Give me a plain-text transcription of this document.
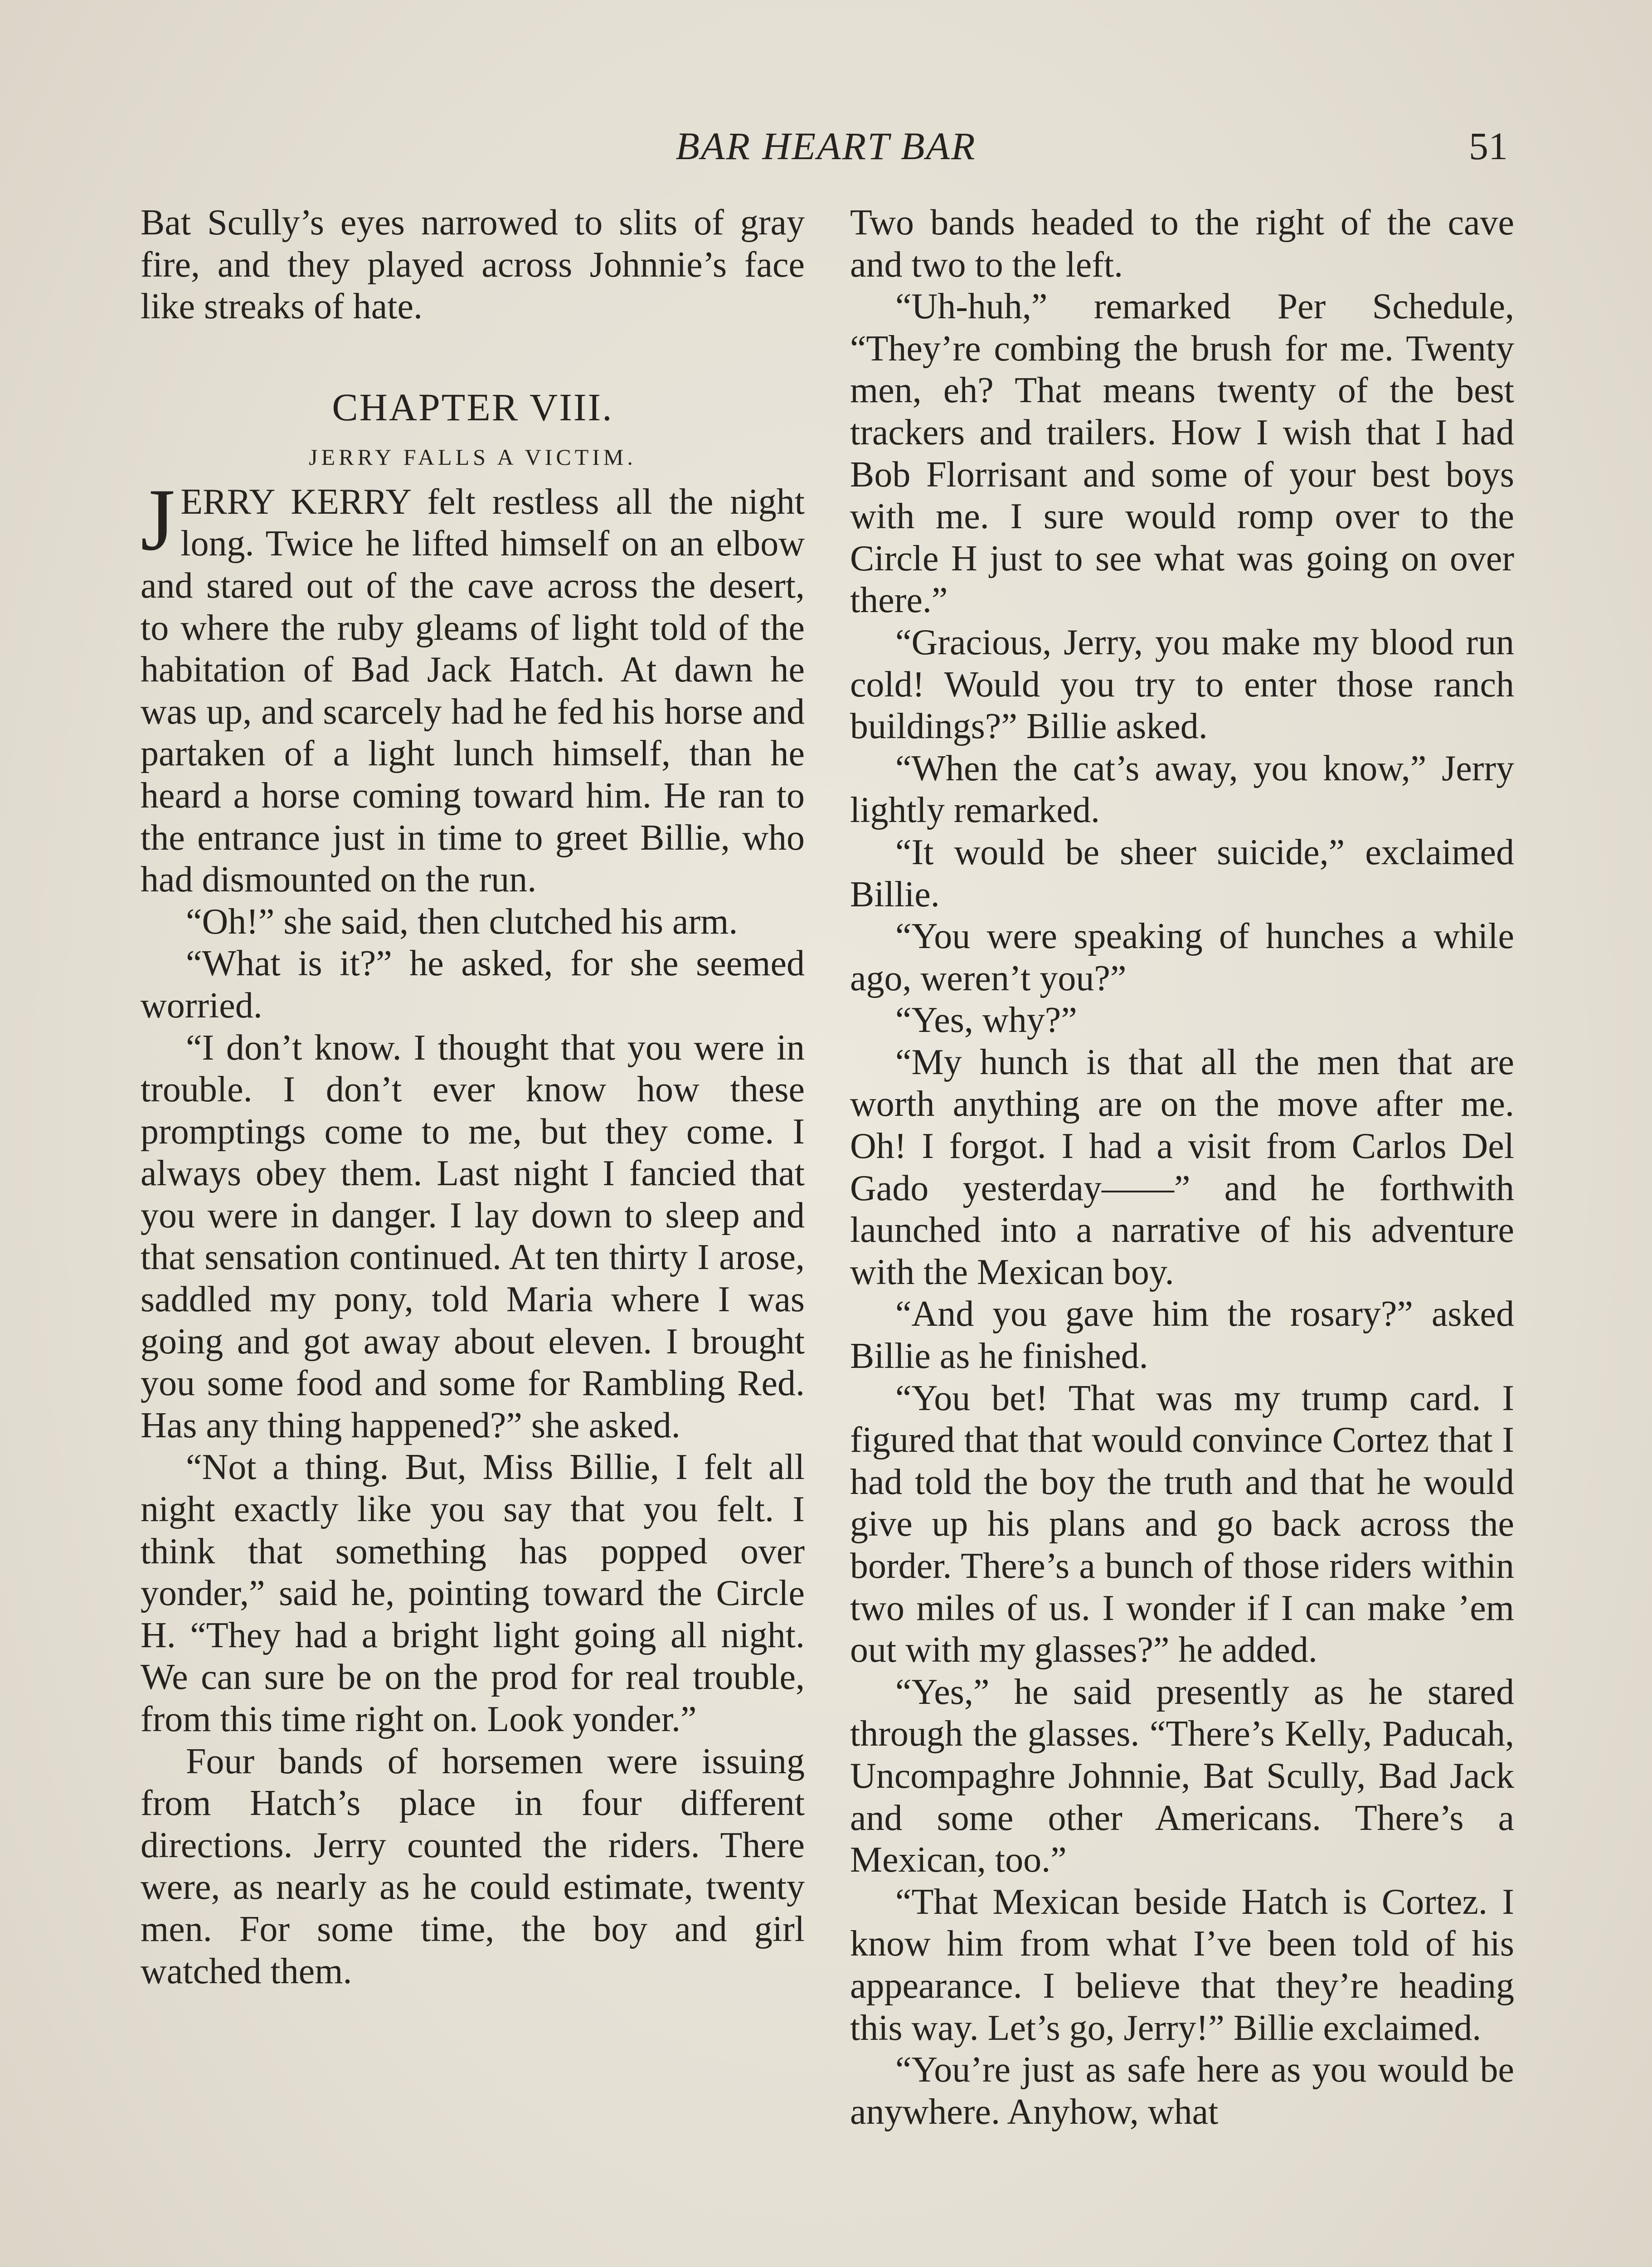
BAR HEART BAR	51

Bat Scully’s eyes narrowed to slits of gray fire, and they played across Johnnie’s face like streaks of hate.

CHAPTER VIII.
JERRY FALLS A VICTIM.

JERRY KERRY felt restless all the night long. Twice he lifted himself on an elbow and stared out of the cave across the desert, to where the ruby gleams of light told of the habitation of Bad Jack Hatch. At dawn he was up, and scarcely had he fed his horse and partaken of a light lunch himself, than he heard a horse coming toward him. He ran to the entrance just in time to greet Billie, who had dismounted on the run.

“Oh!” she said, then clutched his arm.

“What is it?” he asked, for she seemed worried.

“I don’t know. I thought that you were in trouble. I don’t ever know how these promptings come to me, but they come. I always obey them. Last night I fancied that you were in danger. I lay down to sleep and that sensation continued. At ten thirty I arose, saddled my pony, told Maria where I was going and got away about eleven. I brought you some food and some for Rambling Red. Has any thing happened?” she asked.

“Not a thing. But, Miss Billie, I felt all night exactly like you say that you felt. I think that something has popped over yonder,” said he, pointing toward the Circle H. “They had a bright light going all night. We can sure be on the prod for real trouble, from this time right on. Look yonder.”

Four bands of horsemen were issuing from Hatch’s place in four different directions. Jerry counted the riders. There were, as nearly as he could estimate, twenty men. For some time, the boy and girl watched them.

Two bands headed to the right of the cave and two to the left.

“Uh-huh,” remarked Per Schedule, “They’re combing the brush for me. Twenty men, eh? That means twenty of the best trackers and trailers. How I wish that I had Bob Florrisant and some of your best boys with me. I sure would romp over to the Circle H just to see what was going on over there.”

“Gracious, Jerry, you make my blood run cold! Would you try to enter those ranch buildings?” Billie asked.

“When the cat’s away, you know,” Jerry lightly remarked.

“It would be sheer suicide,” exclaimed Billie.

“You were speaking of hunches a while ago, weren’t you?”

“Yes, why?”

“My hunch is that all the men that are worth anything are on the move after me. Oh! I forgot. I had a visit from Carlos Del Gado yesterday——” and he forthwith launched into a narrative of his adventure with the Mexican boy.

“And you gave him the rosary?” asked Billie as he finished.

“You bet! That was my trump card. I figured that that would convince Cortez that I had told the boy the truth and that he would give up his plans and go back across the border. There’s a bunch of those riders within two miles of us. I wonder if I can make ’em out with my glasses?” he added.

“Yes,” he said presently as he stared through the glasses. “There’s Kelly, Paducah, Uncompaghre Johnnie, Bat Scully, Bad Jack and some other Americans. There’s a Mexican, too.”

“That Mexican beside Hatch is Cortez. I know him from what I’ve been told of his appearance. I believe that they’re heading this way. Let’s go, Jerry!” Billie exclaimed.

“You’re just as safe here as you would be anywhere. Anyhow, what
